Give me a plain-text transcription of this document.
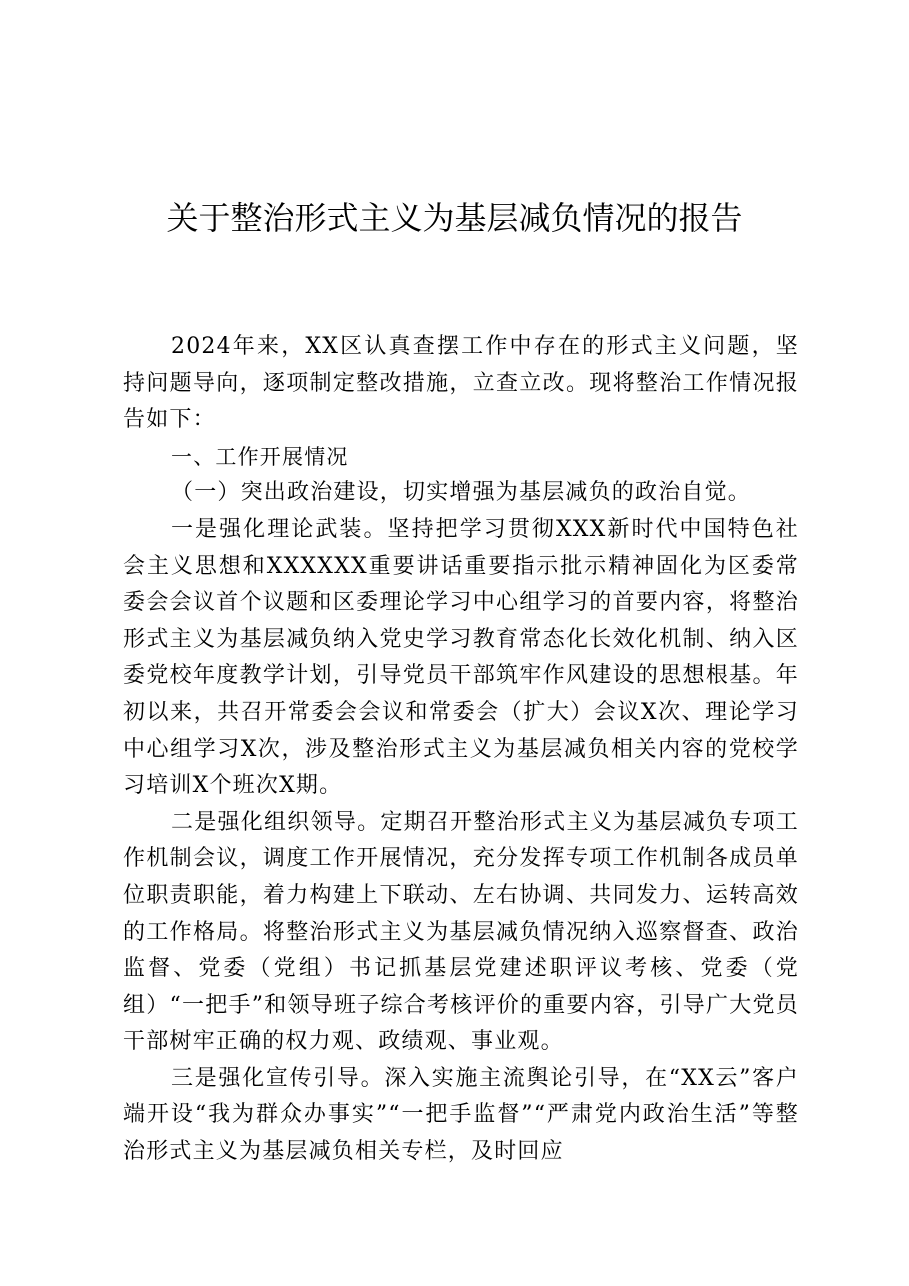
关于整治形式主义为基层减负情况的报告

2024年来，XX区认真查摆工作中存在的形式主义问题，坚持问题导向，逐项制定整改措施，立查立改。现将整治工作情况报告如下：

一、工作开展情况

（一）突出政治建设，切实增强为基层减负的政治自觉。

一是强化理论武装。坚持把学习贯彻XXX新时代中国特色社会主义思想和XXXXXX重要讲话重要指示批示精神固化为区委常委会会议首个议题和区委理论学习中心组学习的首要内容，将整治形式主义为基层减负纳入党史学习教育常态化长效化机制、纳入区委党校年度教学计划，引导党员干部筑牢作风建设的思想根基。年初以来，共召开常委会会议和常委会（扩大）会议X次、理论学习中心组学习X次，涉及整治形式主义为基层减负相关内容的党校学习培训X个班次X期。

二是强化组织领导。定期召开整治形式主义为基层减负专项工作机制会议，调度工作开展情况，充分发挥专项工作机制各成员单位职责职能，着力构建上下联动、左右协调、共同发力、运转高效的工作格局。将整治形式主义为基层减负情况纳入巡察督查、政治监督、党委（党组）书记抓基层党建述职评议考核、党委（党组）“一把手”和领导班子综合考核评价的重要内容，引导广大党员干部树牢正确的权力观、政绩观、事业观。

三是强化宣传引导。深入实施主流舆论引导，在“XX云”客户端开设“我为群众办事实”“一把手监督”“严肃党内政治生活”等整治形式主义为基层减负相关专栏，及时回应
